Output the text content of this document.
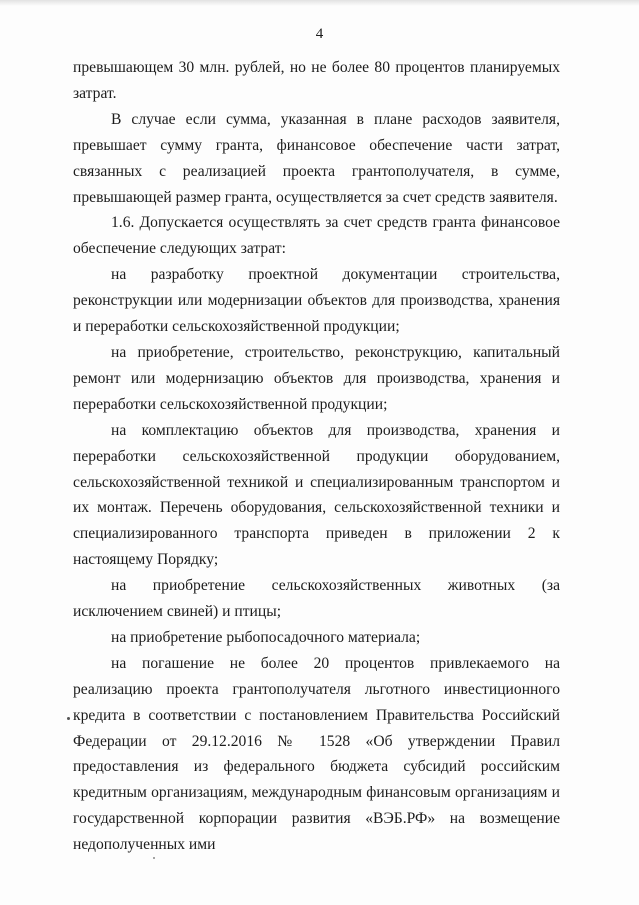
4

превышающем 30 млн. рублей, но не более 80 процентов планируемых затрат.

В случае если сумма, указанная в плане расходов заявителя, превышает сумму гранта, финансовое обеспечение части затрат, связанных с реализацией проекта грантополучателя, в сумме, превышающей размер гранта, осуществляется за счет средств заявителя.

1.6. Допускается осуществлять за счет средств гранта финансовое обеспечение следующих затрат:

на разработку проектной документации строительства, реконструкции или модернизации объектов для производства, хранения и переработки сельскохозяйственной продукции;

на приобретение, строительство, реконструкцию, капитальный ремонт или модернизацию объектов для производства, хранения и переработки сельскохозяйственной продукции;

на комплектацию объектов для производства, хранения и переработки сельскохозяйственной продукции оборудованием, сельскохозяйственной техникой и специализированным транспортом и их монтаж. Перечень оборудования, сельскохозяйственной техники и специализированного транспорта приведен в приложении 2 к настоящему Порядку;

на приобретение сельскохозяйственных животных (за исключением свиней) и птицы;

на приобретение рыбопосадочного материала;

на погашение не более 20 процентов привлекаемого на реализацию проекта грантополучателя льготного инвестиционного кредита в соответствии с постановлением Правительства Российский Федерации от 29.12.2016 № 1528 «Об утверждении Правил предоставления из федерального бюджета субсидий российским кредитным организациям, международным финансовым организациям и государственной корпорации развития «ВЭБ.РФ» на возмещение недополученных ими
